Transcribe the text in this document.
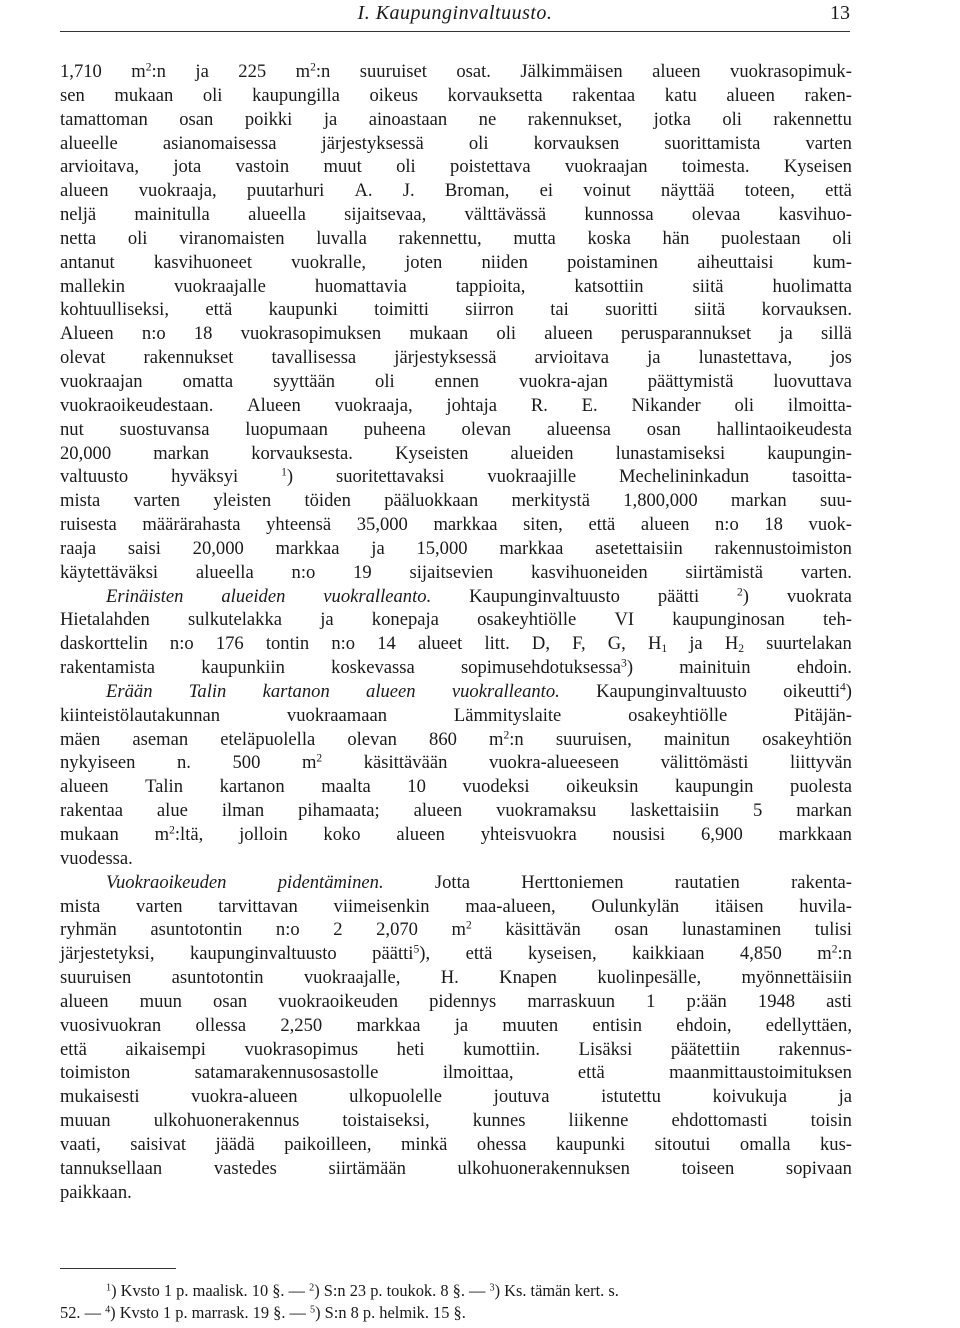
I. Kaupunginvaltuusto.	13
1,710 $m^2:n$ ja 225 $m^2:n$ suuruiset osat. Jälkimmäisen alueen vuokrasopimuk-
sen mukaan oli kaupungilla oikeus korvauksetta rakentaa katu alueen raken-
tamattoman osan poikki ja ainoastaan ne rakennukset, jotka oli rakennettu
alueelle asianomaisessa järjestyksessä oli korvauksen suorittamista varten
arvioitava, jota vastoin muut oli poistettava vuokraajan toimesta. Kyseisen
alueen vuokraaja, puutarhuri A. J. Broman, ei voinut näyttää toteen, että
neljä mainitulla alueella sijaitsevaa, välttävässä kunnossa olevaa kasvihuo-
netta oli viranomaisten luvalla rakennettu, mutta koska hän puolestaan oli
antanut kasvihuoneet vuokralle, joten niiden poistaminen aiheuttaisi kum-
mallekin	vuokraajalle	huomattavia	tappioita,	katsottiin	siitä	huolimatta
kohtuulliseksi, että kaupunki toimitti siirron tai suoritti siitä korvauksen.
Alueen n:o 18 vuokrasopimuksen mukaan oli alueen perusparannukset ja sillä
olevat rakennukset tavallisessa järjestyksessä arvioitava ja lunastettava, jos
vuokraajan omatta syyttään oli ennen vuokra-ajan päättymistä luovuttava
vuokraoikeudestaan. Alueen vuokraaja, johtaja R. E. Nikander oli ilmoitta-
nut suostuvansa luopumaan puheena olevan alueensa osan hallintaoikeudesta
20,000 markan korvauksesta. Kyseisten alueiden lunastamiseksi kaupungin-
valtuusto hyväksyi	$^1$) suoritettavaksi vuokraajille Mechelininkadun tasoitta-
mista varten yleisten töiden pääluokkaan merkitystä 1,800,000 markan suu-
ruisesta määrärahasta yhteensä 35,000 markkaa siten, että alueen n:o 18 vuok-
raaja saisi 20,000 markkaa ja 15,000 markkaa asetettaisiin rakennustoimiston
käytettäväksi alueella n:o 19 sijaitsevien kasvihuoneiden siirtämistä varten.
Erinäisten alueiden vuokralleanto. Kaupunginvaltuusto päätti	$^2$) vuokrata
Hietalahden sulkutelakka ja konepaja osakeyhtiölle VI kaupunginosan teh-
daskorttelin n:o 176 tontin n:o 14 alueet litt. D, F, G, $H_1$ ja $H_2$ suurtelakan
rakentamista kaupunkiin koskevassa sopimusehdotuksessa$^3$) mainituin ehdoin.
Erään Talin kartanon alueen vuokralleanto. Kaupunginvaltuusto oikeutti$^4$)
kiinteistölautakunnan	vuokraamaan	Lämmityslaite	osakeyhtiölle	Pitäjän-
mäen aseman eteläpuolella olevan 860 $m^2:n$ suuruisen, mainitun osakeyhtiön
nykyiseen n. 500 $m^2$ käsittävään vuokra-alueeseen välittömästi liittyvän
alueen Talin kartanon maalta 10 vuodeksi oikeuksin kaupungin puolesta
rakentaa alue ilman pihamaata; alueen vuokramaksu laskettaisiin 5 markan
mukaan $m^2:ltä$, jolloin koko alueen yhteisvuokra nousisi 6,900 markkaan
vuodessa.
Vuokraoikeuden	pidentäminen.	Jotta	Herttoniemen	rautatien	rakenta-
mista varten tarvittavan viimeisenkin maa-alueen, Oulunkylän itäisen huvila-
ryhmän asuntotontin n:o 2 2,070 $m^2$ käsittävän osan lunastaminen tulisi
järjestetyksi, kaupunginvaltuusto päätti$^5$), että kyseisen, kaikkiaan 4,850 $m^2:n$
suuruisen asuntotontin vuokraajalle, H. Knapen kuolinpesälle, myönnettäisiin
alueen muun osan vuokraoikeuden pidennys marraskuun 1 p:ään 1948 asti
vuosivuokran ollessa 2,250 markkaa ja muuten entisin ehdoin, edellyttäen,
että aikaisempi vuokrasopimus heti kumottiin. Lisäksi päätettiin rakennus-
toimiston	satamarakennusosastolle	ilmoittaa,	että	maanmittaustoimituksen
mukaisesti	vuokra-alueen	ulkopuolelle	joutuva	istutettu	koivukuja	ja
muuan ulkohuonerakennus toistaiseksi, kunnes liikenne ehdottomasti toisin
vaati, saisivat jäädä paikoilleen, minkä ohessa kaupunki sitoutui omalla kus-
tannuksellaan	vastedes	siirtämään	ulkohuonerakennuksen	toiseen	sopivaan
paikkaan.
$^1$) Kvsto 1 p. maalisk. 10 §. — $^2$) S:n 23 p. toukok. 8 §. — $^3$) Ks. tämän kert. s.
52. — $^4$) Kvsto 1 p. marrask. 19 §. — $^5$) S:n 8 p. helmik. 15 §.
